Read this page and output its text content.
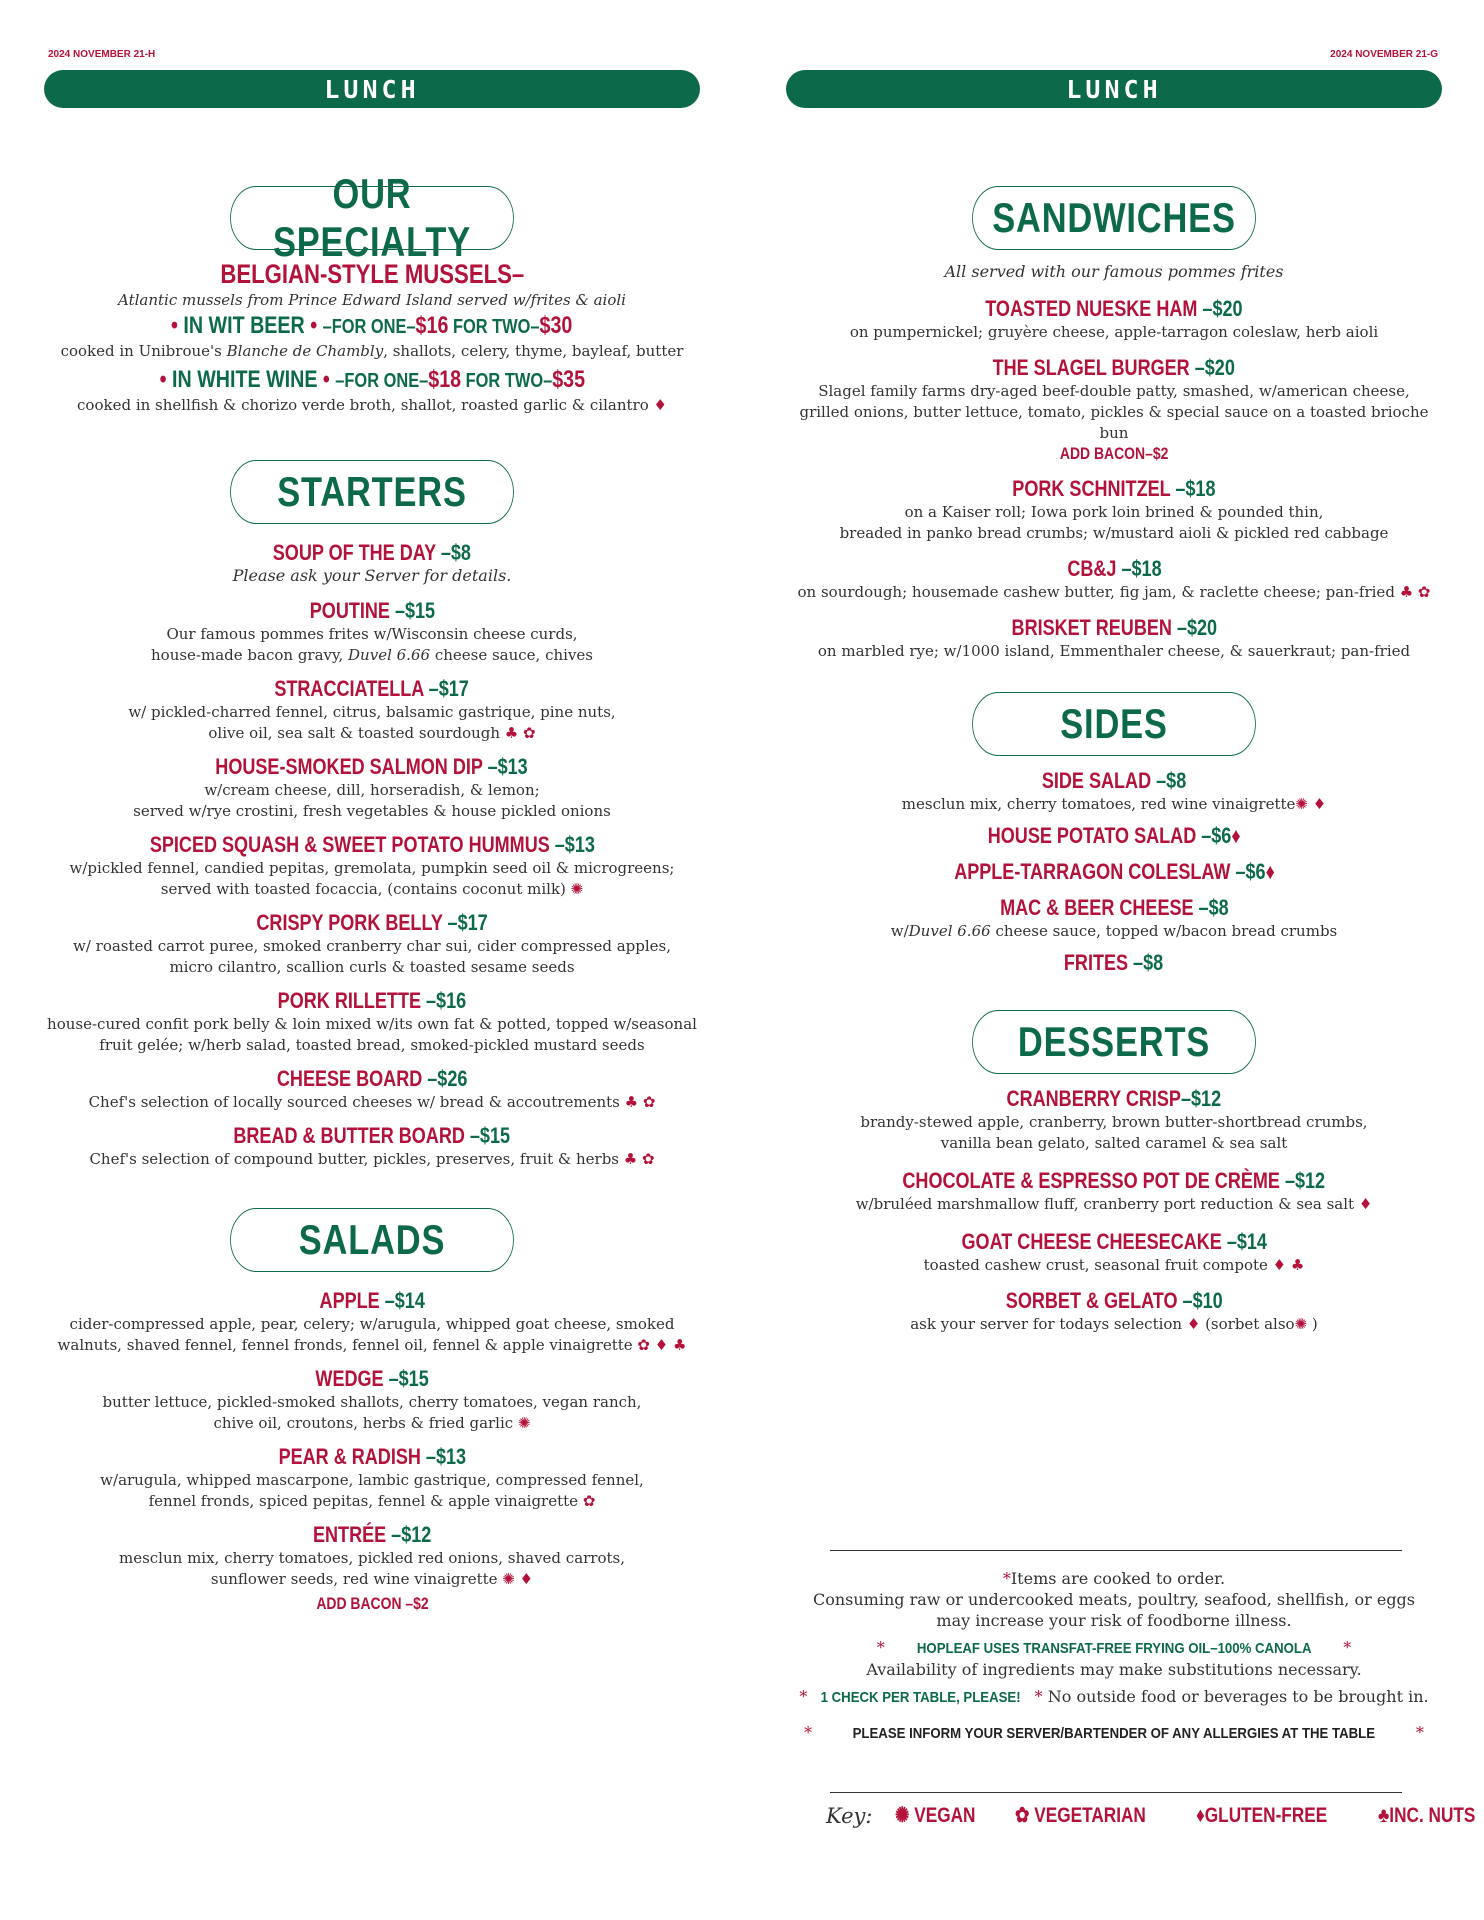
2024 NOVEMBER 21-H	2024 NOVEMBER 21-G
LUNCH	LUNCH
OUR SPECIALTY
BELGIAN-STYLE MUSSELS–
Atlantic mussels from Prince Edward Island served w/frites & aioli
• IN WIT BEER • –FOR ONE–$16 FOR TWO–$30
cooked in Unibroue's Blanche de Chambly, shallots, celery, thyme, bayleaf, butter
• IN WHITE WINE • –FOR ONE–$18 FOR TWO–$35
cooked in shellfish & chorizo verde broth, shallot, roasted garlic & cilantro ♦
STARTERS
SOUP OF THE DAY –$8
Please ask your Server for details.
POUTINE –$15
Our famous pommes frites w/Wisconsin cheese curds,
house-made bacon gravy, Duvel 6.66 cheese sauce, chives
STRACCIATELLA –$17
w/ pickled-charred fennel, citrus, balsamic gastrique, pine nuts,
olive oil, sea salt & toasted sourdough ♣ ✿
HOUSE-SMOKED SALMON DIP –$13
w/cream cheese, dill, horseradish, & lemon;
served w/rye crostini, fresh vegetables & house pickled onions
SPICED SQUASH & SWEET POTATO HUMMUS –$13
w/pickled fennel, candied pepitas, gremolata, pumpkin seed oil & microgreens;
served with toasted focaccia, (contains coconut milk) ✺
CRISPY PORK BELLY –$17
w/ roasted carrot puree, smoked cranberry char sui, cider compressed apples,
micro cilantro, scallion curls & toasted sesame seeds
PORK RILLETTE –$16
house-cured confit pork belly & loin mixed w/its own fat & potted, topped w/seasonal
fruit gelée; w/herb salad, toasted bread, smoked-pickled mustard seeds
CHEESE BOARD –$26
Chef's selection of locally sourced cheeses w/ bread & accoutrements ♣ ✿
BREAD & BUTTER BOARD –$15
Chef's selection of compound butter, pickles, preserves, fruit & herbs ♣ ✿
SALADS
APPLE –$14
cider-compressed apple, pear, celery; w/arugula, whipped goat cheese, smoked
walnuts, shaved fennel, fennel fronds, fennel oil, fennel & apple vinaigrette ✿ ♦ ♣
WEDGE –$15
butter lettuce, pickled-smoked shallots, cherry tomatoes, vegan ranch,
chive oil, croutons, herbs & fried garlic ✺
PEAR & RADISH –$13
w/arugula, whipped mascarpone, lambic gastrique, compressed fennel,
fennel fronds, spiced pepitas, fennel & apple vinaigrette ✿
ENTRÉE –$12
mesclun mix, cherry tomatoes, pickled red onions, shaved carrots,
sunflower seeds, red wine vinaigrette ✺ ♦
ADD BACON –$2
SANDWICHES
All served with our famous pommes frites
TOASTED NUESKE HAM –$20
on pumpernickel; gruyère cheese, apple-tarragon coleslaw, herb aioli
THE SLAGEL BURGER –$20
Slagel family farms dry-aged beef-double patty, smashed, w/american cheese,
grilled onions, butter lettuce, tomato, pickles & special sauce on a toasted brioche bun
ADD BACON–$2
PORK SCHNITZEL –$18
on a Kaiser roll; Iowa pork loin brined & pounded thin,
breaded in panko bread crumbs; w/mustard aioli & pickled red cabbage
CB&J –$18
on sourdough; housemade cashew butter, fig jam, & raclette cheese; pan-fried ♣ ✿
BRISKET REUBEN –$20
on marbled rye; w/1000 island, Emmenthaler cheese, & sauerkraut; pan-fried
SIDES
SIDE SALAD –$8
mesclun mix, cherry tomatoes, red wine vinaigrette✺ ♦
HOUSE POTATO SALAD –$6♦
APPLE-TARRAGON COLESLAW –$6♦
MAC & BEER CHEESE –$8
w/Duvel 6.66 cheese sauce, topped w/bacon bread crumbs
FRITES –$8
DESSERTS
CRANBERRY CRISP–$12
brandy-stewed apple, cranberry, brown butter-shortbread crumbs,
vanilla bean gelato, salted caramel & sea salt
CHOCOLATE & ESPRESSO POT DE CRÈME –$12
w/bruléed marshmallow fluff, cranberry port reduction & sea salt ♦
GOAT CHEESE CHEESECAKE –$14
toasted cashew crust, seasonal fruit compote ♦ ♣
SORBET & GELATO –$10
ask your server for todays selection ♦ (sorbet also✺ )
*Items are cooked to order.
Consuming raw or undercooked meats, poultry, seafood, shellfish, or eggs
may increase your risk of foodborne illness.
* HOPLEAF USES TRANSFAT-FREE FRYING OIL–100% CANOLA *
Availability of ingredients may make substitutions necessary.
* 1 CHECK PER TABLE, PLEASE! * No outside food or beverages to be brought in.
*	PLEASE INFORM YOUR SERVER/BARTENDER OF ANY ALLERGIES AT THE TABLE	*
Key: ✺ VEGAN ✿ VEGETARIAN ♦GLUTEN-FREE ♣INC. NUTS
